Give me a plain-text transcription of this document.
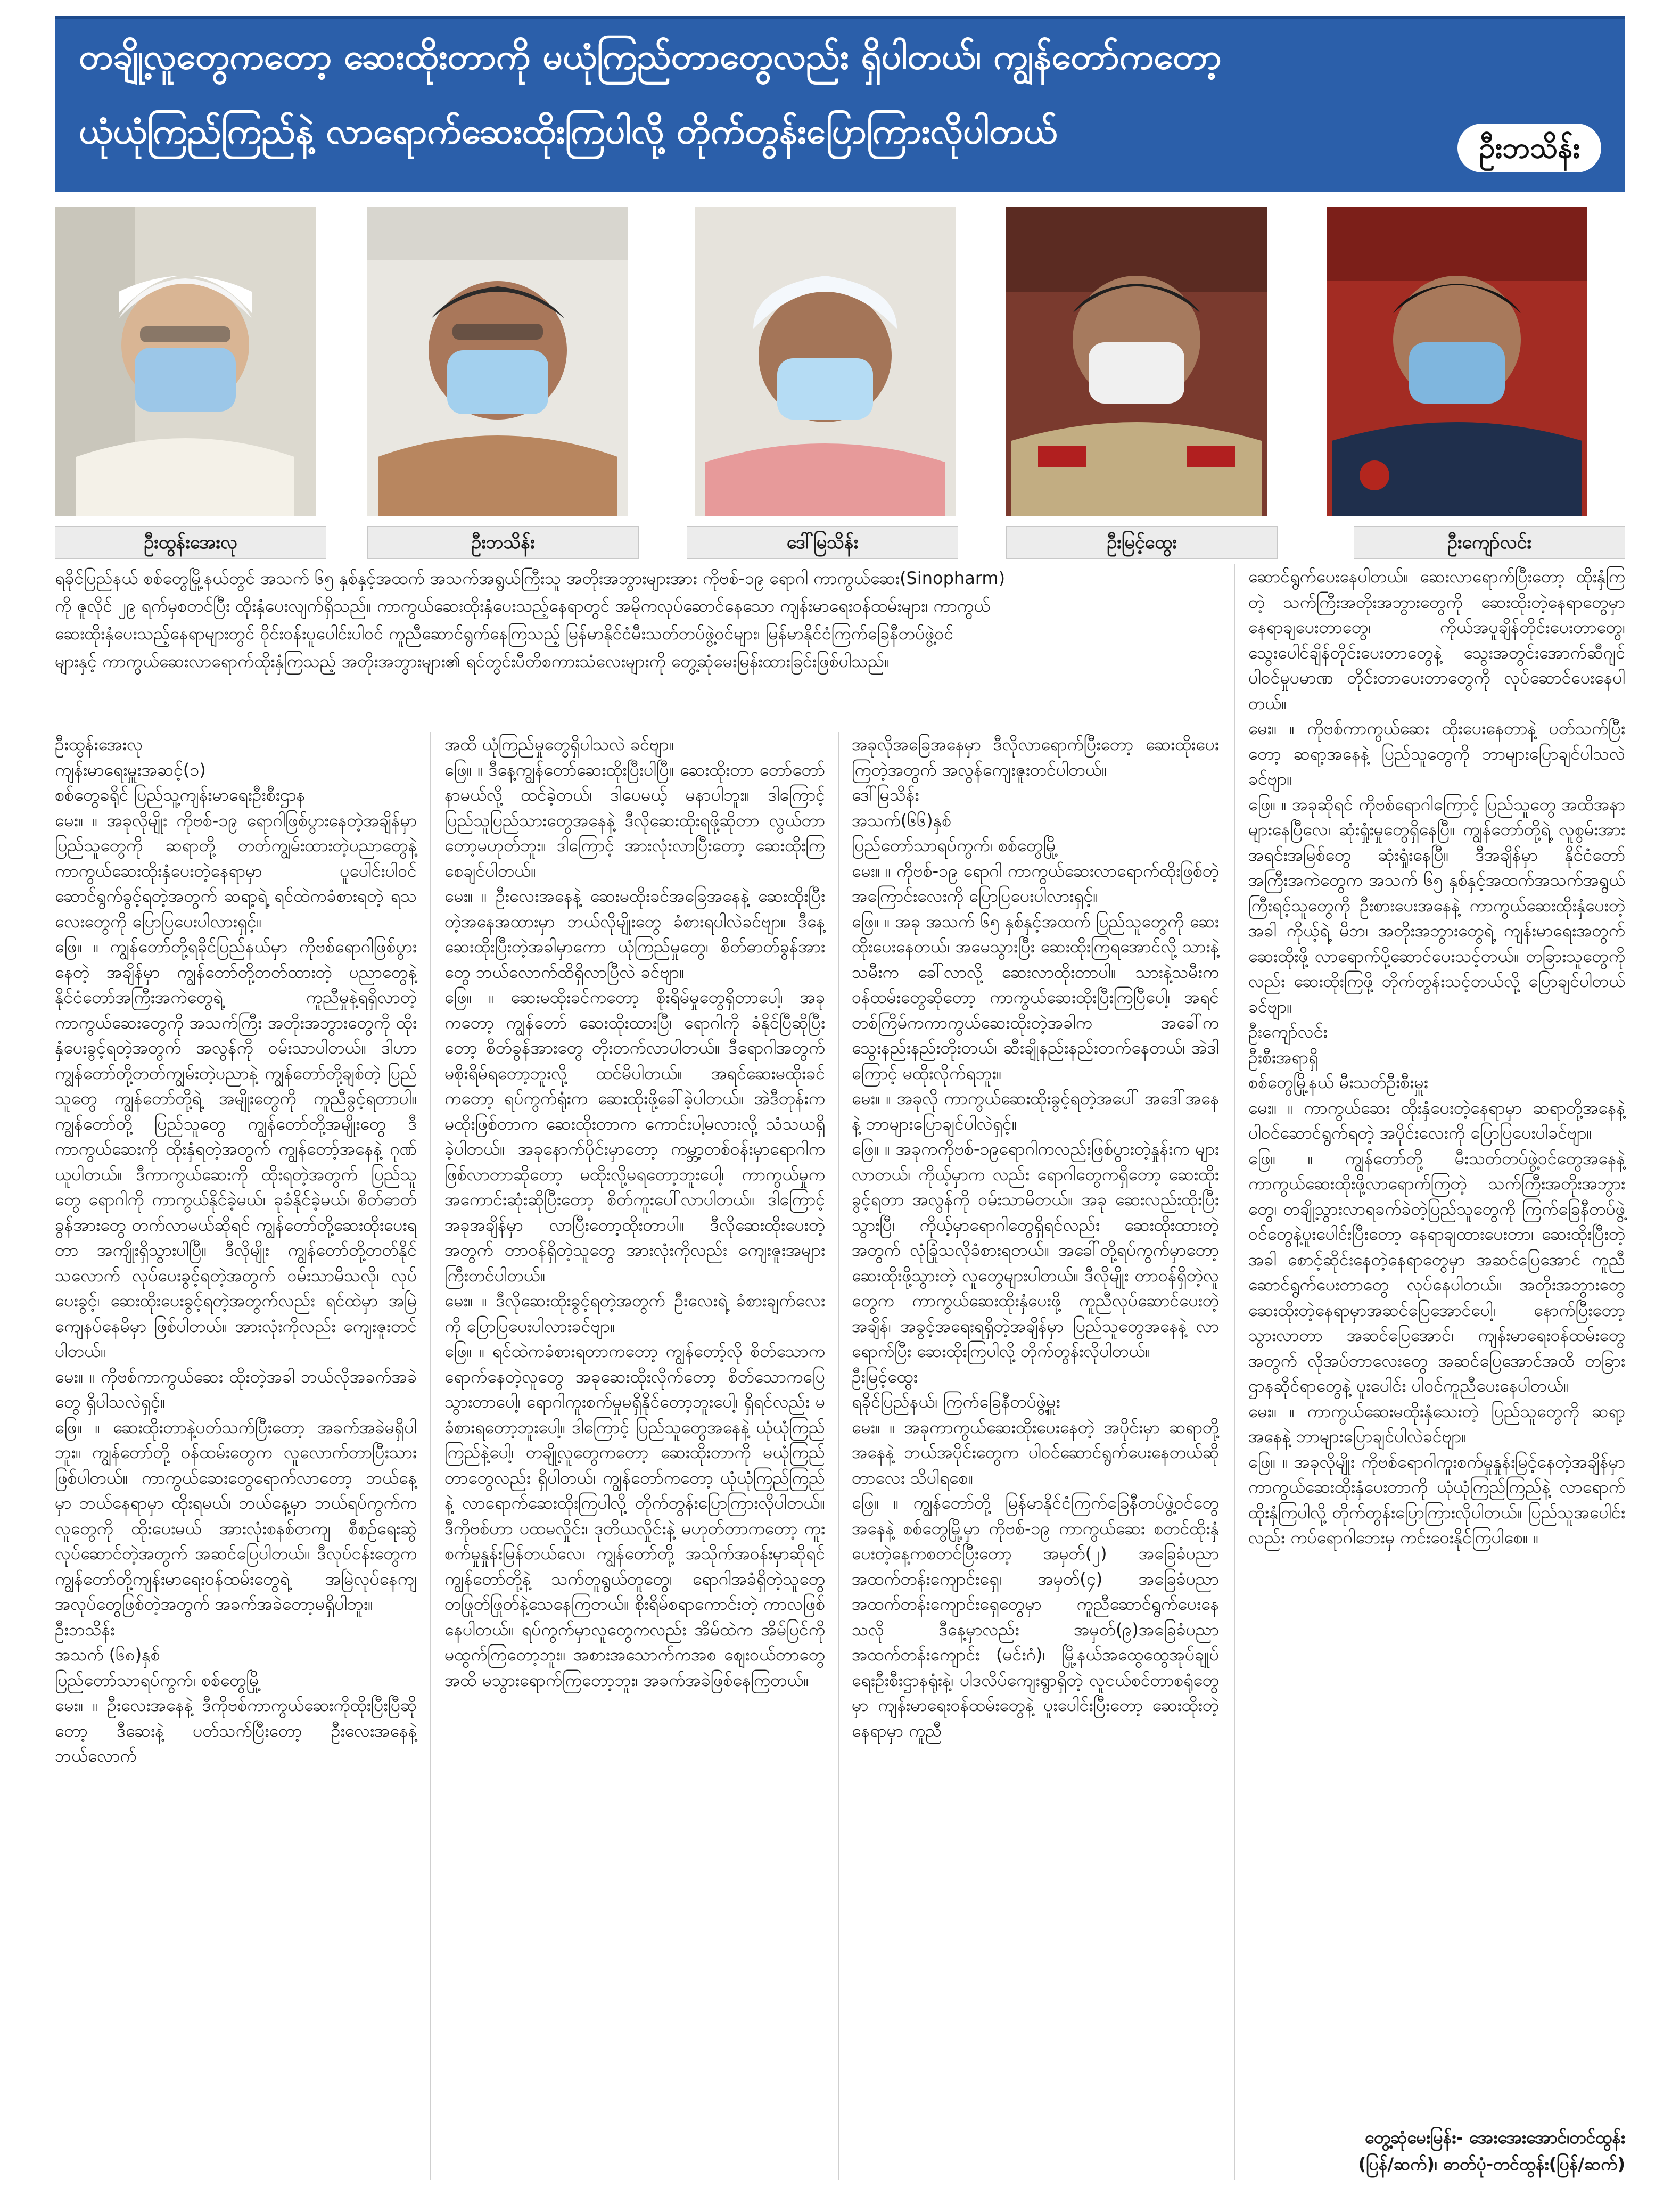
တချို့လူတွေကတော့ ဆေးထိုးတာကို မယုံကြည်တာတွေလည်း ရှိပါတယ်၊ ကျွန်တော်ကတော့
ယုံယုံကြည်ကြည်နဲ့ လာရောက်ဆေးထိုးကြပါလို့ တိုက်တွန်းပြောကြားလိုပါတယ်	ဦးဘသိန်း
ဦးထွန်းအေးလု	ဦးဘသိန်း	ဒေါ်မြသိန်း	ဦးမြင့်ထွေး	ဦးကျော်လင်း
ရခိုင်ပြည်နယ် စစ်တွေမြို့နယ်တွင် အသက် ၆၅ နှစ်နှင့်အထက် အသက်အရွယ်ကြီးသူ အတိုးအဘွားများအား ကိုဗစ်-၁၉ ရောဂါ ကာကွယ်ဆေး(Sinopharm)
ကို ဇူလိုင် ၂၉ ရက်မှစတင်ပြီး ထိုးနှံပေးလျက်ရှိသည်။ ကာကွယ်ဆေးထိုးနှံပေးသည့်နေရာတွင် အမိုကလုပ်ဆောင်နေသော ကျန်းမာရေးဝန်ထမ်းများ၊ ကာကွယ်
ဆေးထိုးနှံပေးသည့်နေရာများတွင် ဝိုင်းဝန်းပူပေါင်းပါဝင် ကူညီဆောင်ရွက်နေကြသည့် မြန်မာနိုင်ငံမီးသတ်တပ်ဖွဲ့ဝင်များ၊ မြန်မာနိုင်ငံကြက်ခြေနီတပ်ဖွဲ့ဝင်
များနှင့် ကာကွယ်ဆေးလာရောက်ထိုးနှံကြသည့် အတိုးအဘွားများ၏ ရင်တွင်းပီတိစကားသံလေးများကို တွေ့ဆုံမေးမြန်းထားခြင်းဖြစ်ပါသည်။
ဦးထွန်းအေးလု
ကျန်းမာရေးမှူးအဆင့်(၁)
စစ်တွေခရိုင် ပြည်သူ့ကျန်းမာရေးဦးစီးဌာန
မေး။ ။ အခုလိုမျိုး ကိုဗစ်-၁၉ ရောဂါဖြစ်ပွားနေတဲ့အချိန်မှာ ပြည်သူတွေကို ဆရာတို့ တတ်ကျွမ်းထားတဲ့ပညာတွေနဲ့ ကာကွယ်ဆေးထိုးနှံပေးတဲ့နေရာမှာ ပူပေါင်းပါဝင် ဆောင်ရွက်ခွင့်ရတဲ့အတွက် ဆရာ့ရဲ့ ရင်ထဲကခံစားရတဲ့ ရသလေးတွေကို ပြောပြပေးပါလားရှင့်။
ဖြေ။ ။ ကျွန်တော်တို့ရခိုင်ပြည်နယ်မှာ ကိုဗစ်ရောဂါဖြစ်ပွားနေတဲ့ အချိန်မှာ ကျွန်တော်တို့တတ်ထားတဲ့ ပညာတွေနဲ့ နိုင်ငံတော်အကြီးအကဲတွေရဲ့ ကူညီမှုနဲ့ရရှိလာတဲ့ ကာကွယ်ဆေးတွေကို အသက်ကြီး အတိုးအဘွားတွေကို ထိုးနှံပေးခွင့်ရတဲ့အတွက် အလွန်ကို ဝမ်းသာပါတယ်။ ဒါဟာ ကျွန်တော်တို့တတ်ကျွမ်းတဲ့ပညာနဲ့ ကျွန်တော်တို့ချစ်တဲ့ ပြည်သူတွေ ကျွန်တော်တို့ရဲ့ အမျိုးတွေကို ကူညီခွင့်ရတာပါ။ ကျွန်တော်တို့ ပြည်သူတွေ ကျွန်တော်တို့အမျိုးတွေ ဒီကာကွယ်ဆေးကို ထိုးနှံရတဲ့အတွက် ကျွန်တော့်အနေနဲ့ ဂုဏ်ယူပါတယ်။ ဒီကာကွယ်ဆေးကို ထိုးရတဲ့အတွက် ပြည်သူတွေ ရောဂါကို ကာကွယ်နိုင်ခဲ့မယ်၊ ခုခံနိုင်ခဲ့မယ်၊ စိတ်ဓာတ်ခွန်အားတွေ တက်လာမယ်ဆိုရင် ကျွန်တော်တို့ဆေးထိုးပေးရတာ အကျိုးရှိသွားပါပြီ။ ဒီလိုမျိုး ကျွန်တော်တို့တတ်နိုင်သလောက် လုပ်ပေးခွင့်ရတဲ့အတွက် ဝမ်းသာမိသလို၊ လုပ်ပေးခွင့်၊ ဆေးထိုးပေးခွင့်ရတဲ့အတွက်လည်း ရင်ထဲမှာ အမြဲကျေနပ်နေမိမှာ ဖြစ်ပါတယ်။ အားလုံးကိုလည်း ကျေးဇူးတင်ပါတယ်။
မေး။ ။ ကိုဗစ်ကာကွယ်ဆေး ထိုးတဲ့အခါ ဘယ်လိုအခက်အခဲတွေ ရှိပါသလဲရှင့်။
ဖြေ။ ။ ဆေးထိုးတာနဲ့ပတ်သက်ပြီးတော့ အခက်အခဲမရှိပါဘူး။ ကျွန်တော်တို့ ဝန်ထမ်းတွေက လူလောက်တာပြီးသားဖြစ်ပါတယ်။ ကာကွယ်ဆေးတွေရောက်လာတော့ ဘယ်နေ့မှာ ဘယ်နေရာမှာ ထိုးရမယ်၊ ဘယ်နေ့မှာ ဘယ်ရပ်ကွက်က လူတွေကို ထိုးပေးမယ် အားလုံးစနစ်တကျ စီစဉ်ရေးဆွဲလုပ်ဆောင်တဲ့အတွက် အဆင်ပြေပါတယ်။ ဒီလုပ်ငန်းတွေက ကျွန်တော်တို့ကျန်းမာရေးဝန်ထမ်းတွေရဲ့ အမြဲလုပ်နေကျ အလုပ်တွေဖြစ်တဲ့အတွက် အခက်အခဲတော့မရှိပါဘူး။
ဦးဘသိန်း
အသက် (၆၈)နှစ်
ပြည်တော်သာရပ်ကွက်၊ စစ်တွေမြို့
မေး။ ။ ဦးလေးအနေနဲ့ ဒီကိုဗစ်ကာကွယ်ဆေးကိုထိုးပြီးပြီဆိုတော့ ဒီဆေးနဲ့ ပတ်သက်ပြီးတော့ ဦးလေးအနေနဲ့ ဘယ်လောက်
အထိ ယုံကြည်မှုတွေရှိပါသလဲ ခင်ဗျာ။
ဖြေ။ ။ ဒီနေ့ကျွန်တော်ဆေးထိုးပြီးပါပြီ။ ဆေးထိုးတာ တော်တော်နာမယ်လို့ ထင်ခဲ့တယ်၊ ဒါပေမယ့် မနာပါဘူး။ ဒါကြောင့် ပြည်သူပြည်သားတွေအနေနဲ့ ဒီလိုဆေးထိုးရဖို့ဆိုတာ လွယ်တာတော့မဟုတ်ဘူး။ ဒါကြောင့် အားလုံးလာပြီးတော့ ဆေးထိုးကြစေချင်ပါတယ်။
မေး။ ။ ဦးလေးအနေနဲ့ ဆေးမထိုးခင်အခြေအနေနဲ့ ဆေးထိုးပြီးတဲ့အနေအထားမှာ ဘယ်လိုမျိုးတွေ ခံစားရပါလဲခင်ဗျာ။ ဒီနေ့ဆေးထိုးပြီးတဲ့အခါမှာကော ယုံကြည်မှုတွေ၊ စိတ်ဓာတ်ခွန်အားတွေ ဘယ်လောက်ထိရှိလာပြီလဲ ခင်ဗျာ။
ဖြေ။ ။ ဆေးမထိုးခင်ကတော့ စိုးရိမ်မှုတွေရှိတာပေါ့၊ အခုကတော့ ကျွန်တော် ဆေးထိုးထားပြီ၊ ရောဂါကို ခံနိုင်ပြီဆိုပြီးတော့ စိတ်ခွန်အားတွေ တိုးတက်လာပါတယ်။ ဒီရောဂါအတွက် မစိုးရိမ်ရတော့ဘူးလို့ ထင်မိပါတယ်။ အရင်ဆေးမထိုးခင်ကတော့ ရပ်ကွက်ရုံးက ဆေးထိုးဖို့ခေါ်ခဲ့ပါတယ်။ အဲဒီတုန်းက မထိုးဖြစ်တာက ဆေးထိုးတာက ကောင်းပါ့မလားလို့ သံသယရှိခဲ့ပါတယ်။ အခုနောက်ပိုင်းမှာတော့ ကမ္ဘာ့တစ်ဝန်းမှာရောဂါက ဖြစ်လာတာဆိုတော့ မထိုးလို့မရတော့ဘူးပေါ့၊ ကာကွယ်မှုက အကောင်းဆုံးဆိုပြီးတော့ စိတ်ကူးပေါ်လာပါတယ်။ ဒါကြောင့် အခုအချိန်မှာ လာပြီးတော့ထိုးတာပါ။ ဒီလိုဆေးထိုးပေးတဲ့အတွက် တာဝန်ရှိတဲ့သူတွေ အားလုံးကိုလည်း ကျေးဇူးအများကြီးတင်ပါတယ်။
မေး။ ။ ဒီလိုဆေးထိုးခွင့်ရတဲ့အတွက် ဦးလေးရဲ့ ခံစားချက်လေးကို ပြောပြပေးပါလားခင်ဗျာ။
ဖြေ။ ။ ရင်ထဲကခံစားရတာကတော့ ကျွန်တော့်လို စိတ်သောကရောက်နေတဲ့လူတွေ အခုဆေးထိုးလိုက်တော့ စိတ်သောကပြေသွားတာပေါ့၊ ရောဂါကူးစက်မှုမရှိနိုင်တော့ဘူးပေါ့၊ ရှိရင်လည်း မခံစားရတော့ဘူးပေါ့။ ဒါကြောင့် ပြည်သူတွေအနေနဲ့ ယုံယုံကြည်ကြည်နဲ့ပေါ့၊ တချို့လူတွေကတော့ ဆေးထိုးတာကို မယုံကြည်တာတွေလည်း ရှိပါတယ်၊ ကျွန်တော်ကတော့ ယုံယုံကြည်ကြည်နဲ့ လာရောက်ဆေးထိုးကြပါလို့ တိုက်တွန်းပြောကြားလိုပါတယ်။ ဒီကိုဗစ်ဟာ ပထမလှိုင်း၊ ဒုတိယလှိုင်းနဲ့ မဟုတ်တာကတော့ ကူးစက်မှုနှုန်းမြန်တယ်လေ၊ ကျွန်တော်တို့ အသိုက်အဝန်းမှာဆိုရင် ကျွန်တော်တို့နဲ့ သက်တူရွယ်တူတွေ၊ ရောဂါအခံရှိတဲ့သူတွေ တဖြုတ်ဖြုတ်နဲ့သေနေကြတယ်။ စိုးရိမ်စရာကောင်းတဲ့ ကာလဖြစ်နေပါတယ်။ ရပ်ကွက်မှာလူတွေကလည်း အိမ်ထဲက အိမ်ပြင်ကို မထွက်ကြတော့ဘူး။ အစားအသောက်ကအစ ဈေးဝယ်တာတွေအထိ မသွားရောက်ကြတော့ဘူး၊ အခက်အခဲဖြစ်နေကြတယ်။
အခုလိုအခြေအနေမှာ ဒီလိုလာရောက်ပြီးတော့ ဆေးထိုးပေးကြတဲ့အတွက် အလွန်ကျေးဇူးတင်ပါတယ်။
ဒေါ်မြသိန်း
အသက်(၆၆)နှစ်
ပြည်တော်သာရပ်ကွက်၊ စစ်တွေမြို့
မေး။ ။ ကိုဗစ်-၁၉ ရောဂါ ကာကွယ်ဆေးလာရောက်ထိုးဖြစ်တဲ့အကြောင်းလေးကို ပြောပြပေးပါလားရှင့်။
ဖြေ။ ။ အခု အသက် ၆၅ နှစ်နှင့်အထက် ပြည်သူတွေကို ဆေးထိုးပေးနေတယ်၊ အမေသွားပြီး ဆေးထိုးကြရအောင်လို့ သားနဲ့သမီးက ခေါ်လာလို့ ဆေးလာထိုးတာပါ။ သားနဲ့သမီးက ဝန်ထမ်းတွေဆိုတော့ ကာကွယ်ဆေးထိုးပြီးကြပြီပေါ့၊ အရင်တစ်ကြိမ်ကကာကွယ်ဆေးထိုးတဲ့အခါက အခေါ်က သွေးနည်းနည်းတိုးတယ်၊ ဆီးချိုနည်းနည်းတက်နေတယ်၊ အဲဒါကြောင့် မထိုးလိုက်ရဘူး။
မေး။ ။ အခုလို ကာကွယ်ဆေးထိုးခွင့်ရတဲ့အပေါ် အဒေါ်အနေနဲ့ ဘာများပြောချင်ပါလဲရှင့်။
ဖြေ။ ။ အခုကကိုဗစ်-၁၉ရောဂါကလည်းဖြစ်ပွားတဲ့နှုန်းက များလာတယ်၊ ကိုယ့်မှာက လည်း ရောဂါတွေကရှိတော့ ဆေးထိုးခွင့်ရတာ အလွန်ကို ဝမ်းသာမိတယ်။ အခု ဆေးလည်းထိုးပြီးသွားပြီ၊ ကိုယ့်မှာရောဂါတွေရှိရင်လည်း ဆေးထိုးထားတဲ့အတွက် လုံခြုံသလိုခံစားရတယ်။ အခေါ်တို့ရပ်ကွက်မှာတော့ ဆေးထိုးဖို့သွားတဲ့ လူတွေများပါတယ်။ ဒီလိုမျိုး တာဝန်ရှိတဲ့လူတွေက ကာကွယ်ဆေးထိုးနှံပေးဖို့ ကူညီလုပ်ဆောင်ပေးတဲ့အချိန်၊ အခွင့်အရေးရရှိတဲ့အချိန်မှာ ပြည်သူတွေအနေနဲ့ လာရောက်ပြီး ဆေးထိုးကြပါလို့ တိုက်တွန်းလိုပါတယ်။
ဦးမြင့်ထွေး
ရခိုင်ပြည်နယ်၊ ကြက်ခြေနီတပ်ဖွဲ့မှူး
မေး။ ။ အခုကာကွယ်ဆေးထိုးပေးနေတဲ့ အပိုင်းမှာ ဆရာတို့အနေနဲ့ ဘယ်အပိုင်းတွေက ပါဝင်ဆောင်ရွက်ပေးနေတယ်ဆိုတာလေး သိပါရစေ။
ဖြေ။ ။ ကျွန်တော်တို့ မြန်မာနိုင်ငံကြက်ခြေနီတပ်ဖွဲ့ဝင်တွေအနေနဲ့ စစ်တွေမြို့မှာ ကိုဗစ်-၁၉ ကာကွယ်ဆေး စတင်ထိုးနှံပေးတဲ့နေ့ကစတင်ပြီးတော့ အမှတ်(၂) အခြေခံပညာအထက်တန်းကျောင်းရှေ၊ အမှတ်(၄) အခြေခံပညာအထက်တန်းကျောင်းရှေတွေမှာ ကူညီဆောင်ရွက်ပေးနေသလို ဒီနေ့မှာလည်း အမှတ်(၉)အခြေခံပညာအထက်တန်းကျောင်း (မင်းဂံ)၊ မြို့နယ်အထွေထွေအုပ်ချုပ်ရေးဦးစီးဌာနရုံးနဲ့၊ ပါဒလိပ်ကျေးရွာရှိတဲ့ လူငယ်စင်တာစရုံတွေမှာ ကျန်းမာရေးဝန်ထမ်းတွေနဲ့ ပူးပေါင်းပြီးတော့ ဆေးထိုးတဲ့နေရာမှာ ကူညီ
ဆောင်ရွက်ပေးနေပါတယ်။ ဆေးလာရောက်ပြီးတော့ ထိုးနှံကြတဲ့ သက်ကြီးအတိုးအဘွားတွေကို ဆေးထိုးတဲ့နေရာတွေမှာ နေရာချပေးတာတွေ၊ ကိုယ်အပူချိန်တိုင်းပေးတာတွေ၊ သွေးပေါင်ချိန်တိုင်းပေးတာတွေနဲ့ သွေးအတွင်းအောက်ဆီဂျင်ပါဝင်မှုပမာဏ တိုင်းတာပေးတာတွေကို လုပ်ဆောင်ပေးနေပါတယ်။
မေး။ ။ ကိုဗစ်ကာကွယ်ဆေး ထိုးပေးနေတာနဲ့ ပတ်သက်ပြီးတော့ ဆရာ့အနေနဲ့ ပြည်သူတွေကို ဘာများပြောချင်ပါသလဲခင်ဗျာ။
ဖြေ။ ။ အခုဆိုရင် ကိုဗစ်ရောဂါကြောင့် ပြည်သူတွေ အထိအနာများနေပြီလေ၊ ဆုံးရှုံးမှုတွေရှိနေပြီ။ ကျွန်တော်တို့ရဲ့ လူစွမ်းအားအရင်းအမြစ်တွေ ဆုံးရှုံးနေပြီ။ ဒီအချိန်မှာ နိုင်ငံတော်အကြီးအကဲတွေက အသက် ၆၅ နှစ်နှင့်အထက်အသက်အရွယ်ကြီးရင့်သူတွေကို ဦးစားပေးအနေနဲ့ ကာကွယ်ဆေးထိုးနှံပေးတဲ့အခါ ကိုယ့်ရဲ့ မိဘ၊ အတိုးအဘွားတွေရဲ့ ကျန်းမာရေးအတွက် ဆေးထိုးဖို့ လာရောက်ပို့ဆောင်ပေးသင့်တယ်။ တခြားသူတွေကိုလည်း ဆေးထိုးကြဖို့ တိုက်တွန်းသင့်တယ်လို့ ပြောချင်ပါတယ် ခင်ဗျာ။
ဦးကျော်လင်း
ဦးစီးအရာရှိ
စစ်တွေမြို့နယ် မီးသတ်ဦးစီးမှူး
မေး။ ။ ကာကွယ်ဆေး ထိုးနှံပေးတဲ့နေရာမှာ ဆရာတို့အနေနဲ့ ပါဝင်ဆောင်ရွက်ရတဲ့ အပိုင်းလေးကို ပြောပြပေးပါခင်ဗျာ။
ဖြေ။ ။ ကျွန်တော်တို့ မီးသတ်တပ်ဖွဲ့ဝင်တွေအနေနဲ့ ကာကွယ်ဆေးထိုးဖို့လာရောက်ကြတဲ့ သက်ကြီးအတိုးအဘွားတွေ၊ တချို့သွားလာရခက်ခဲတဲ့ပြည်သူတွေကို ကြက်ခြေနီတပ်ဖွဲ့ဝင်တွေနဲ့ပူးပေါင်းပြီးတော့ နေရာချထားပေးတာ၊ ဆေးထိုးပြီးတဲ့အခါ စောင့်ဆိုင်းနေတဲ့နေရာတွေမှာ အဆင်ပြေအောင် ကူညီဆောင်ရွက်ပေးတာတွေ လုပ်နေပါတယ်။ အတိုးအဘွားတွေ ဆေးထိုးတဲ့နေရာမှာအဆင်ပြေအောင်ပေါ့၊ နောက်ပြီးတော့ သွားလာတာ အဆင်ပြေအောင်၊ ကျန်းမာရေးဝန်ထမ်းတွေအတွက် လိုအပ်တာလေးတွေ အဆင်ပြေအောင်အထိ တခြားဌာနဆိုင်ရာတွေနဲ့ ပူးပေါင်း ပါဝင်ကူညီပေးနေပါတယ်။
မေး။ ။ ကာကွယ်ဆေးမထိုးနှံသေးတဲ့ ပြည်သူတွေကို ဆရာ့အနေနဲ့ ဘာများပြောချင်ပါလဲခင်ဗျာ။
ဖြေ။ ။ အခုလိုမျိုး ကိုဗစ်ရောဂါကူးစက်မှုနှုန်းမြင့်နေတဲ့အချိန်မှာ ကာကွယ်ဆေးထိုးနှံပေးတာကို ယုံယုံကြည်ကြည်နဲ့ လာရောက်ထိုးနှံကြပါလို့ တိုက်တွန်းပြောကြားလိုပါတယ်။ ပြည်သူအပေါင်းလည်း ကပ်ရောဂါဘေးမှ ကင်းဝေးနိုင်ကြပါစေ။ ။
တွေ့ဆုံမေးမြန်း- အေးအေးအောင်၊တင်ထွန်း
(ပြန်/ဆက်)၊ ဓာတ်ပုံ-တင်ထွန်း(ပြန်/ဆက်)
